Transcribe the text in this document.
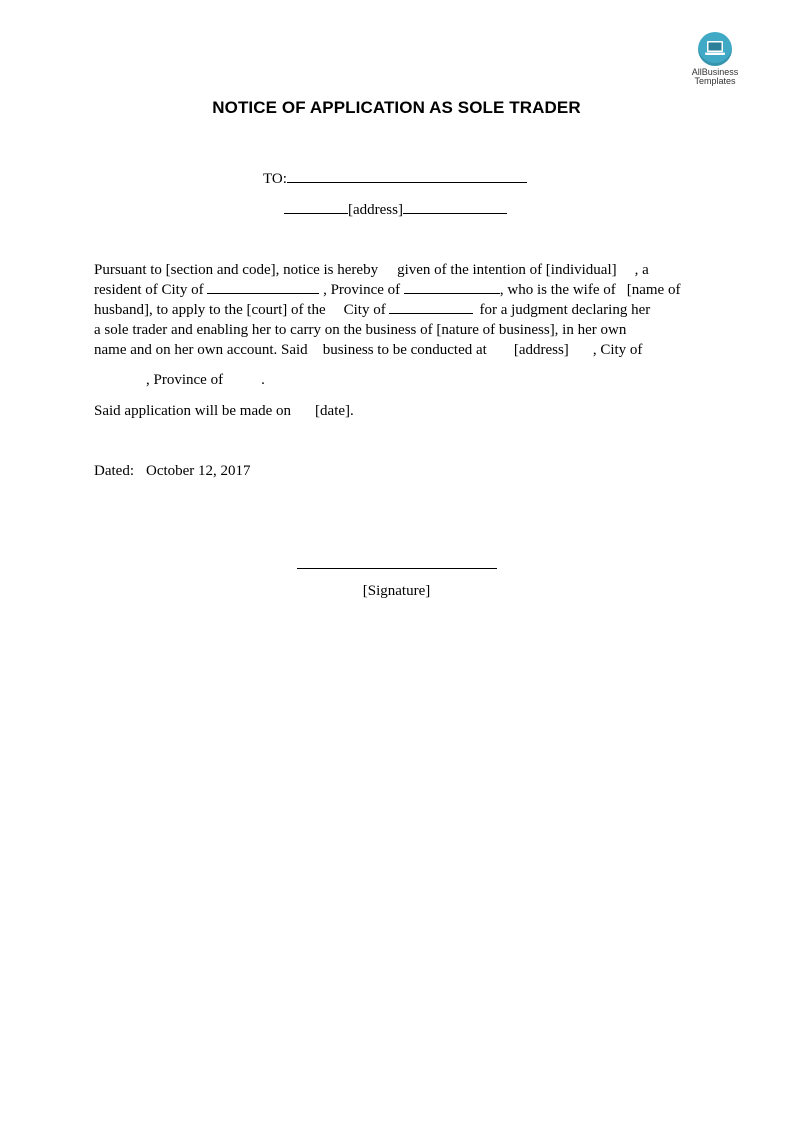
AllBusiness
Templates
NOTICE OF APPLICATION AS SOLE TRADER
TO:
[address]
Pursuant to [section and code], notice is hereby given of the intention of [individual] , a
resident of City of	, Province of	, who is the wife of [name of
husband], to apply to the [court] of the City of	for a judgment declaring her
a sole trader and enabling her to carry on the business of [nature of business], in her own
name and on her own account. Said business to be conducted at [address] , City of
, Province of	.
Said application will be made on [date].
Dated: October 12, 2017
[Signature]
